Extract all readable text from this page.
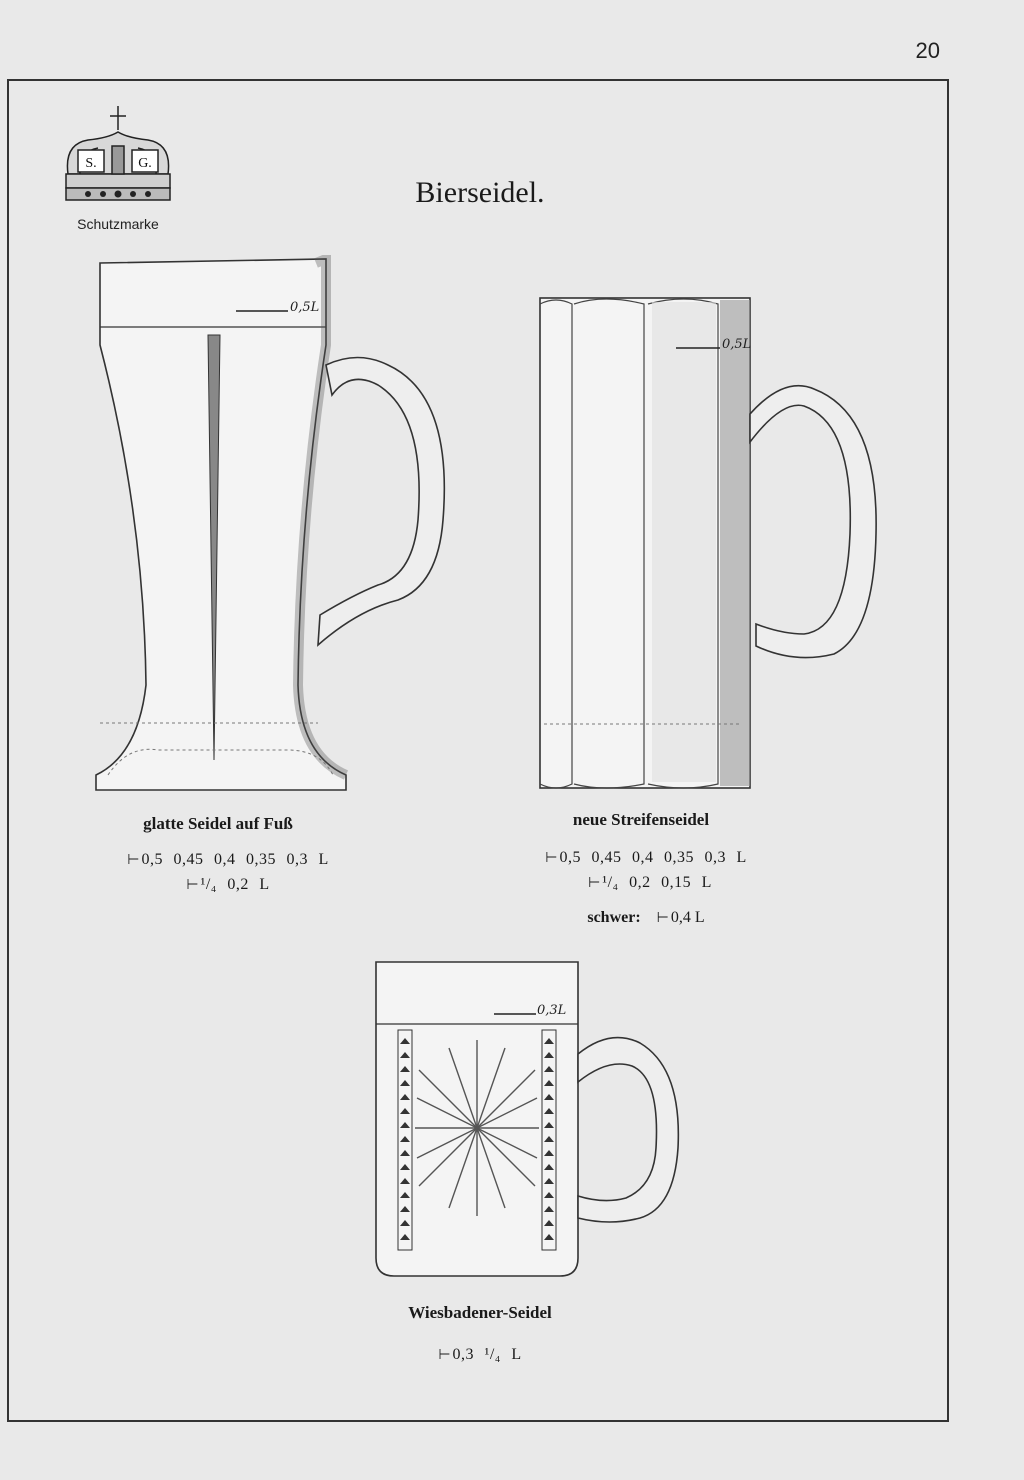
20
S.	G.
Schutzmarke
Bierseidel.
0,5L
glatte Seidel auf Fuß
⊢ 0,5 0,45 0,4 0,35 0,3 L
⊢ ¹/₄ 0,2 L
0,5L
neue Streifenseidel
⊢ 0,5 0,45 0,4 0,35 0,3 L
⊢ ¹/₄ 0,2 0,15 L
schwer: ⊢ 0,4 L
0,3L
Wiesbadener-Seidel
⊢ 0,3 ¹/₄ L
